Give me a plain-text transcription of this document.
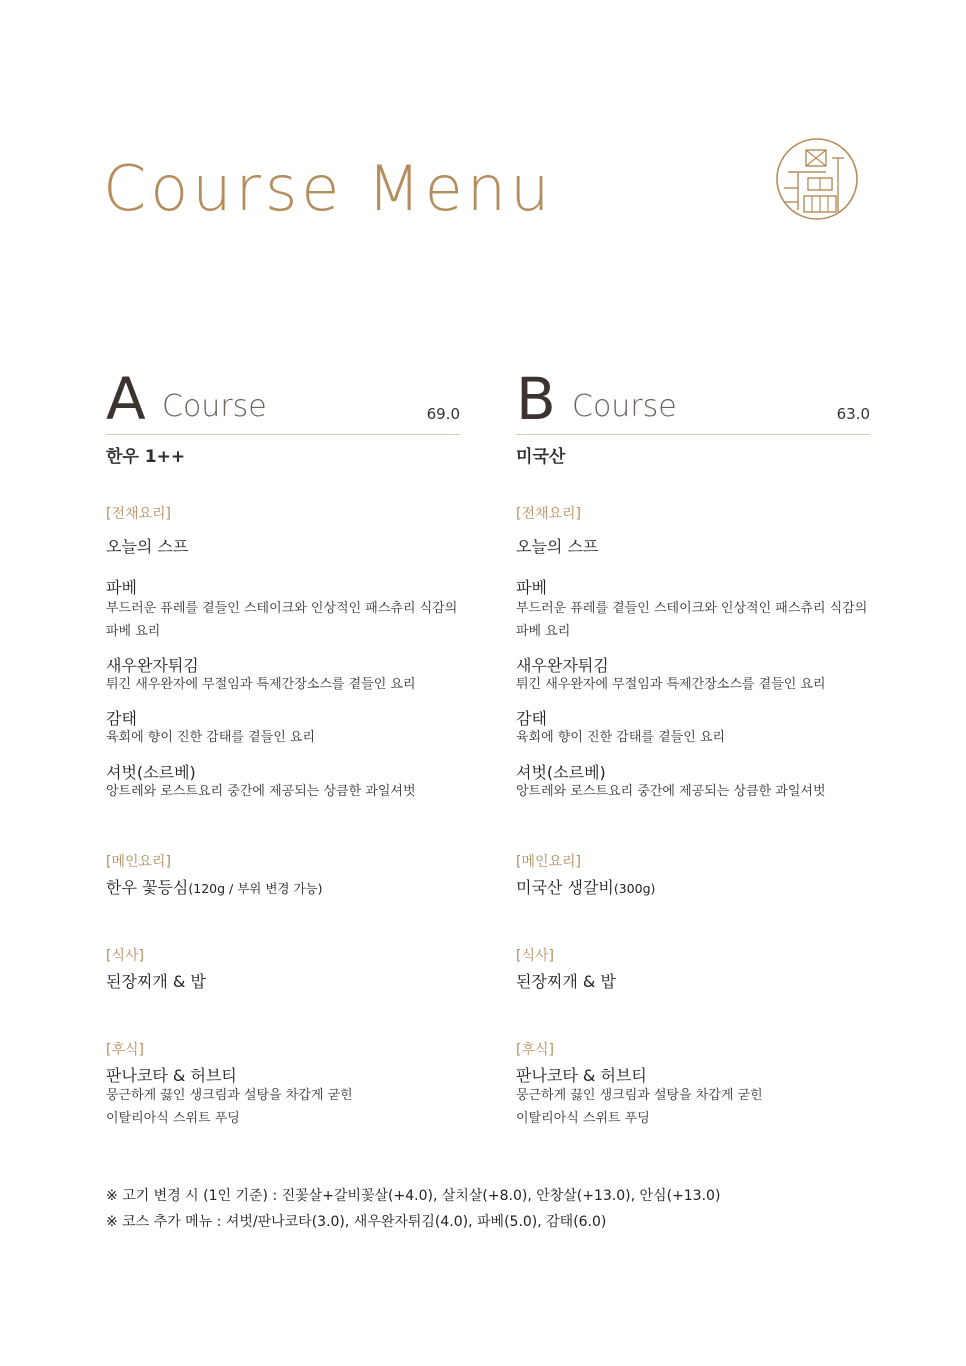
Course Menu
A Course	69.0
한우 1++
[전채요리]
오늘의 스프
파베
부드러운 퓨레를 곁들인 스테이크와 인상적인 패스츄리 식감의 파베 요리
새우완자튀김
튀긴 새우완자에 무절임과 특제간장소스를 곁들인 요리
감태
육회에 향이 진한 감태를 곁들인 요리
셔벗(소르베)
앙트레와 로스트요리 중간에 제공되는 상큼한 과일셔벗
[메인요리]
한우 꽃등심(120g / 부위 변경 가능)
[식사]
된장찌개 & 밥
[후식]
판나코타 & 허브티
뭉근하게 끓인 생크림과 설탕을 차갑게 굳힌 이탈리아식 스위트 푸딩
B Course	63.0
미국산
[전채요리]
오늘의 스프
파베
부드러운 퓨레를 곁들인 스테이크와 인상적인 패스츄리 식감의 파베 요리
새우완자튀김
튀긴 새우완자에 무절임과 특제간장소스를 곁들인 요리
감태
육회에 향이 진한 감태를 곁들인 요리
셔벗(소르베)
앙트레와 로스트요리 중간에 제공되는 상큼한 과일셔벗
[메인요리]
미국산 생갈비(300g)
[식사]
된장찌개 & 밥
[후식]
판나코타 & 허브티
뭉근하게 끓인 생크림과 설탕을 차갑게 굳힌 이탈리아식 스위트 푸딩
※ 고기 변경 시 (1인 기준) : 진꽃살+갈비꽃살(+4.0), 살치살(+8.0), 안창살(+13.0), 안심(+13.0)
※ 코스 추가 메뉴 : 셔벗/판나코타(3.0), 새우완자튀김(4.0), 파베(5.0), 감태(6.0)
